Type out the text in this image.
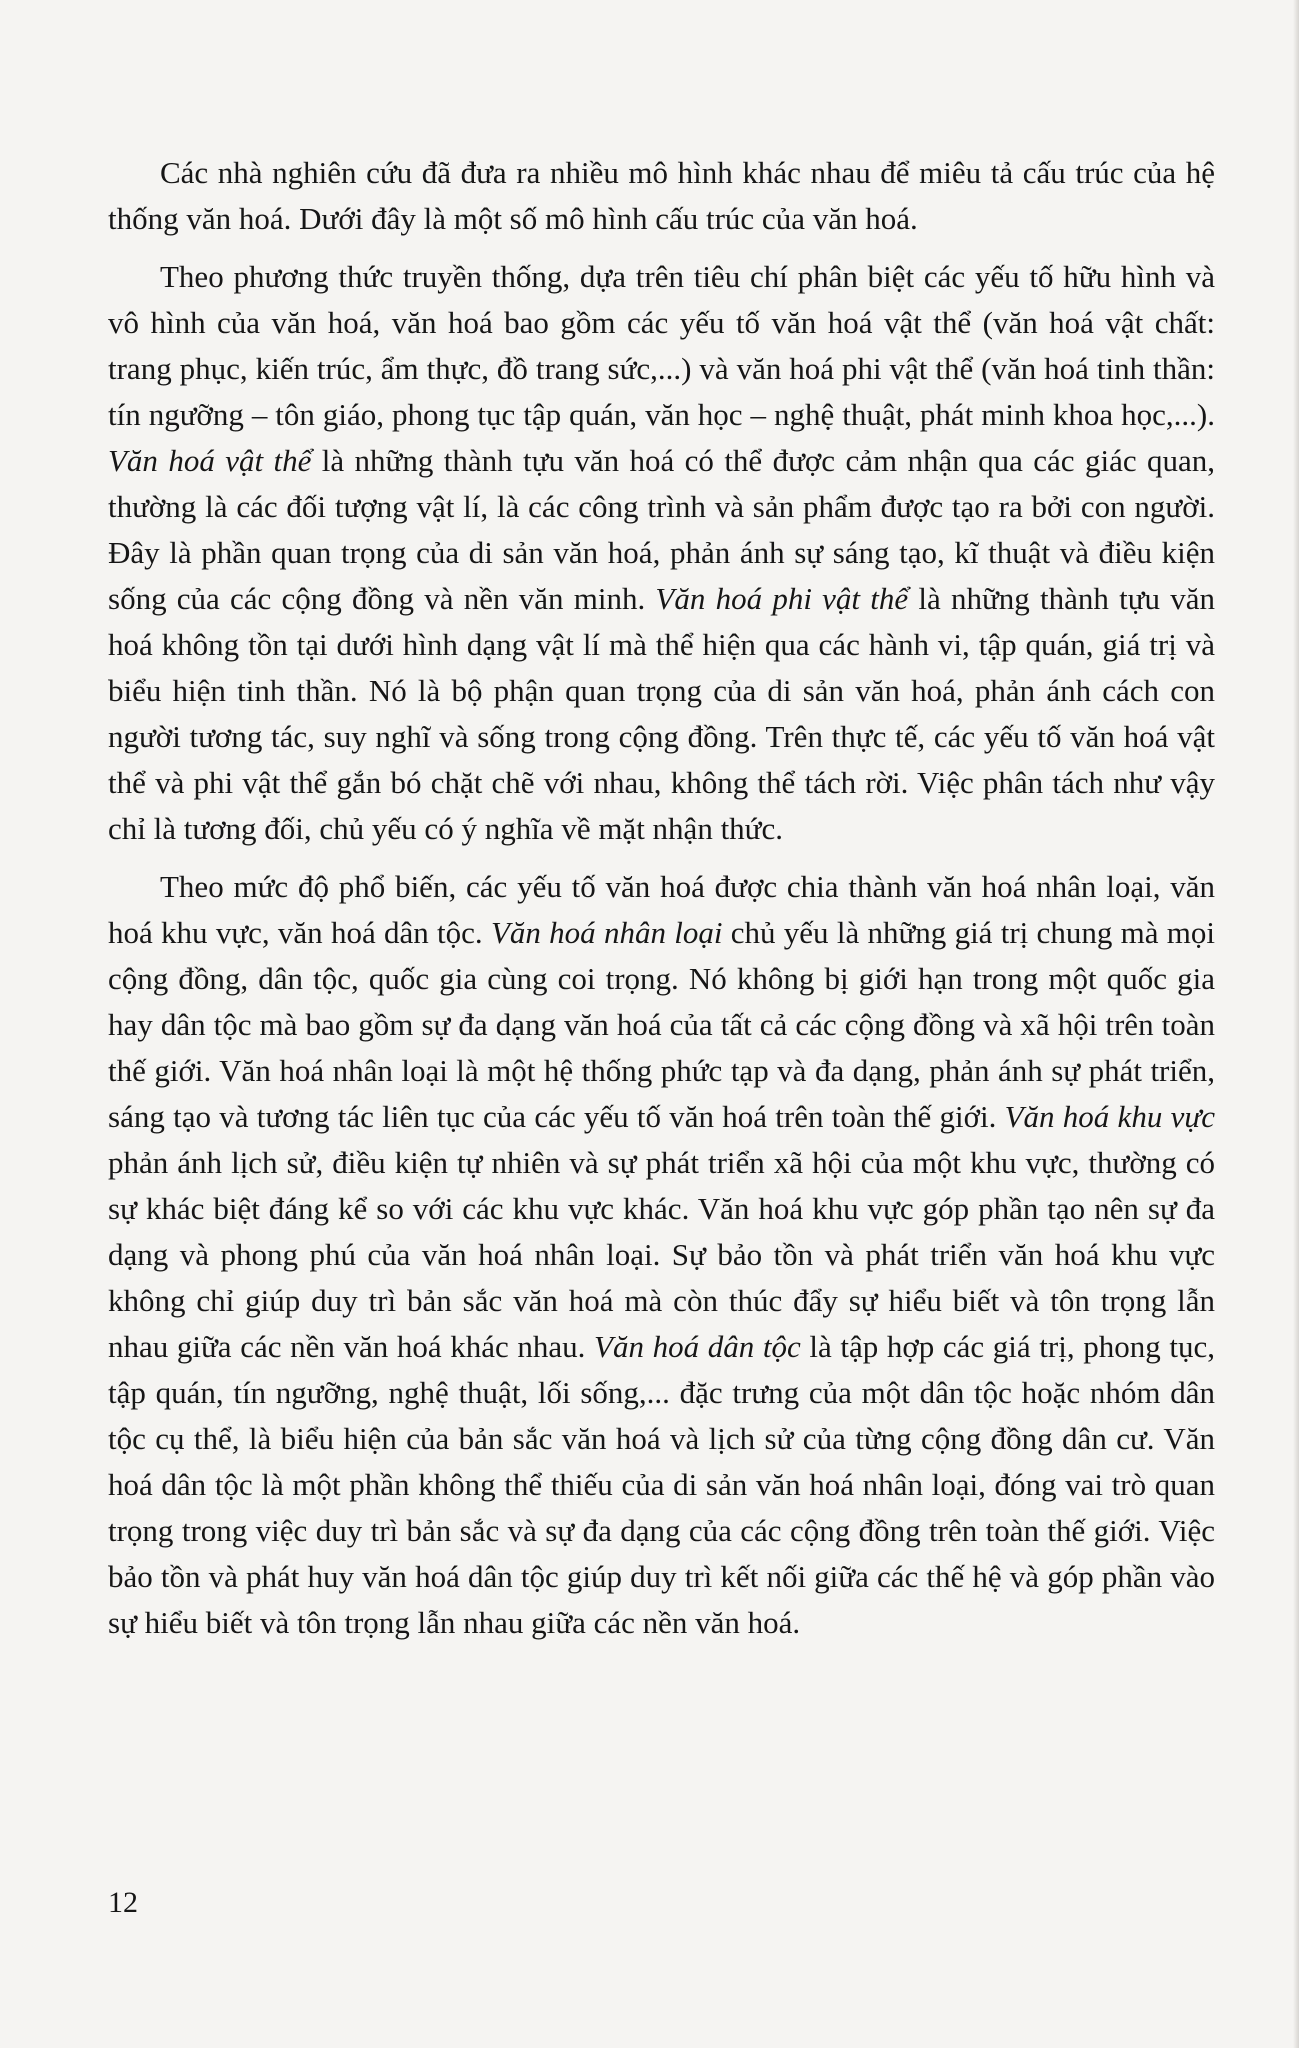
Các nhà nghiên cứu đã đưa ra nhiều mô hình khác nhau để miêu tả cấu trúc của hệ thống văn hoá. Dưới đây là một số mô hình cấu trúc của văn hoá.

Theo phương thức truyền thống, dựa trên tiêu chí phân biệt các yếu tố hữu hình và vô hình của văn hoá, văn hoá bao gồm các yếu tố văn hoá vật thể (văn hoá vật chất: trang phục, kiến trúc, ẩm thực, đồ trang sức,...) và văn hoá phi vật thể (văn hoá tinh thần: tín ngưỡng – tôn giáo, phong tục tập quán, văn học – nghệ thuật, phát minh khoa học,...). Văn hoá vật thể là những thành tựu văn hoá có thể được cảm nhận qua các giác quan, thường là các đối tượng vật lí, là các công trình và sản phẩm được tạo ra bởi con người. Đây là phần quan trọng của di sản văn hoá, phản ánh sự sáng tạo, kĩ thuật và điều kiện sống của các cộng đồng và nền văn minh. Văn hoá phi vật thể là những thành tựu văn hoá không tồn tại dưới hình dạng vật lí mà thể hiện qua các hành vi, tập quán, giá trị và biểu hiện tinh thần. Nó là bộ phận quan trọng của di sản văn hoá, phản ánh cách con người tương tác, suy nghĩ và sống trong cộng đồng. Trên thực tế, các yếu tố văn hoá vật thể và phi vật thể gắn bó chặt chẽ với nhau, không thể tách rời. Việc phân tách như vậy chỉ là tương đối, chủ yếu có ý nghĩa về mặt nhận thức.

Theo mức độ phổ biến, các yếu tố văn hoá được chia thành văn hoá nhân loại, văn hoá khu vực, văn hoá dân tộc. Văn hoá nhân loại chủ yếu là những giá trị chung mà mọi cộng đồng, dân tộc, quốc gia cùng coi trọng. Nó không bị giới hạn trong một quốc gia hay dân tộc mà bao gồm sự đa dạng văn hoá của tất cả các cộng đồng và xã hội trên toàn thế giới. Văn hoá nhân loại là một hệ thống phức tạp và đa dạng, phản ánh sự phát triển, sáng tạo và tương tác liên tục của các yếu tố văn hoá trên toàn thế giới. Văn hoá khu vực phản ánh lịch sử, điều kiện tự nhiên và sự phát triển xã hội của một khu vực, thường có sự khác biệt đáng kể so với các khu vực khác. Văn hoá khu vực góp phần tạo nên sự đa dạng và phong phú của văn hoá nhân loại. Sự bảo tồn và phát triển văn hoá khu vực không chỉ giúp duy trì bản sắc văn hoá mà còn thúc đẩy sự hiểu biết và tôn trọng lẫn nhau giữa các nền văn hoá khác nhau. Văn hoá dân tộc là tập hợp các giá trị, phong tục, tập quán, tín ngưỡng, nghệ thuật, lối sống,... đặc trưng của một dân tộc hoặc nhóm dân tộc cụ thể, là biểu hiện của bản sắc văn hoá và lịch sử của từng cộng đồng dân cư. Văn hoá dân tộc là một phần không thể thiếu của di sản văn hoá nhân loại, đóng vai trò quan trọng trong việc duy trì bản sắc và sự đa dạng của các cộng đồng trên toàn thế giới. Việc bảo tồn và phát huy văn hoá dân tộc giúp duy trì kết nối giữa các thế hệ và góp phần vào sự hiểu biết và tôn trọng lẫn nhau giữa các nền văn hoá.

12
